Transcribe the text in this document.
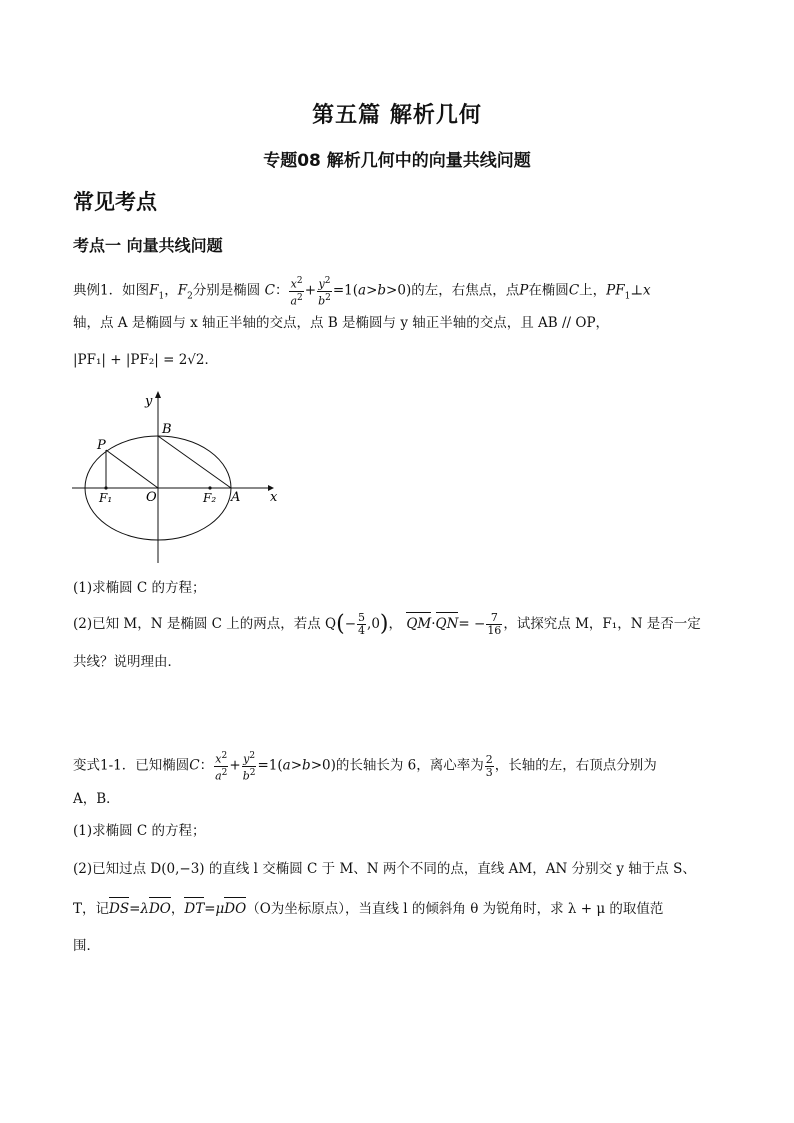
第五篇 解析几何
专题08 解析几何中的向量共线问题
常见考点
考点一 向量共线问题
典例1．如图$F_1$，$F_2$分别是椭圆 C： $\frac{x^2}{a^2} + \frac{y^2}{b^2} =1(a>b>0)$的左，右焦点，点P在椭圆C上，$PF_1\perp x$
轴，点 A 是椭圆与 x 轴正半轴的交点，点 B 是椭圆与 y 轴正半轴的交点，且 AB // OP，
|PF₁| + |PF₂| = 2√2．
y
x
B
P
O
F₁	F₂ A
(1)求椭圆 C 的方程；
(2)已知 M，N 是椭圆 C 上的两点，若点 $Q(- \frac{5}{4} ,0)$， $QM\cdot QN= - \frac{7}{16}$ ，试探究点 M，F₁，N 是否一定
共线？说明理由．
变式1-1．已知椭圆C： $\frac{x^2}{a^2} + \frac{y^2}{b^2} =1(a>b>0)$的长轴长为 6，离心率为 $\frac{2}{3}$ ，长轴的左，右顶点分别为
A，B．
(1)求椭圆 C 的方程；
(2)已知过点 D(0,−3) 的直线 l 交椭圆 C 于 M、N 两个不同的点，直线 AM，AN 分别交 y 轴于点 S、
T，记DS=λDO，DT=μDO（O为坐标原点），当直线 l 的倾斜角 θ 为锐角时，求 λ + μ 的取值范
围．
